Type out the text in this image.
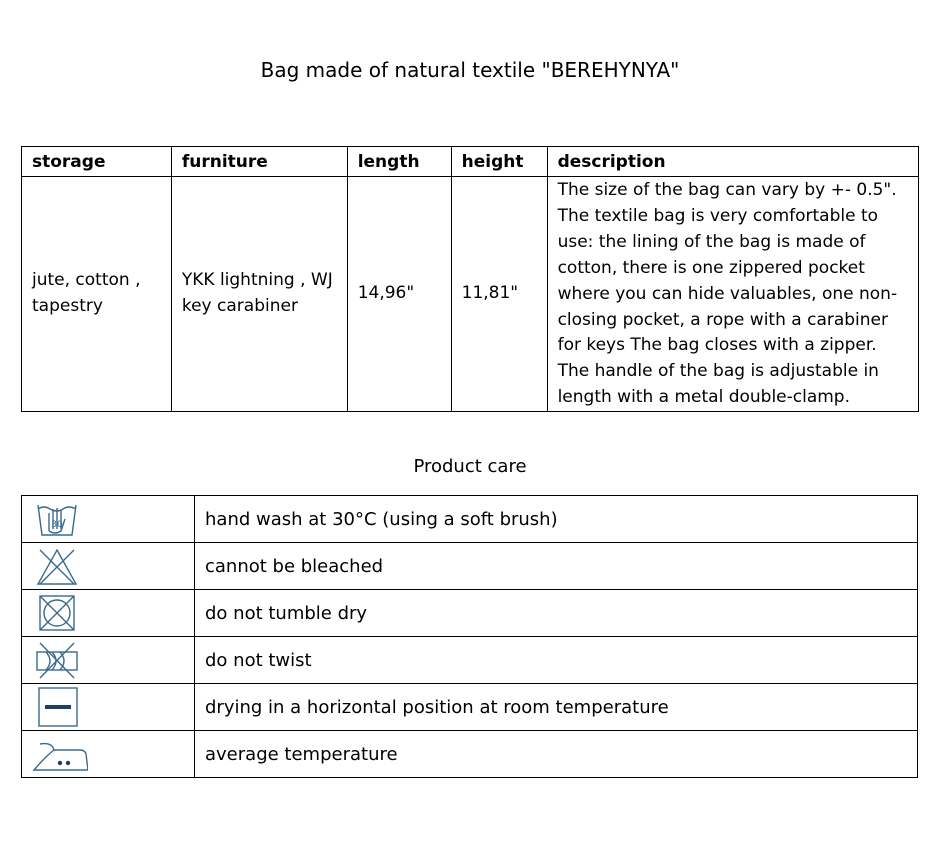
Bag made of natural textile "BEREHYNYA"
storage	furniture	length	height	description
jute, cotton , tapestry	YKK lightning , WJ key carabiner	14,96"	11,81"	The size of the bag can vary by +- 0.5". The textile bag is very comfortable to use: the lining of the bag is made of cotton, there is one zippered pocket where you can hide valuables, one non-closing pocket, a rope with a carabiner for keys The bag closes with a zipper. The handle of the bag is adjustable in length with a metal double-clamp.
Product care
30	hand wash at 30°C (using a soft brush)

	cannot be bleached

	do not tumble dry

	do not twist

	drying in a horizontal position at room temperature

	average temperature
